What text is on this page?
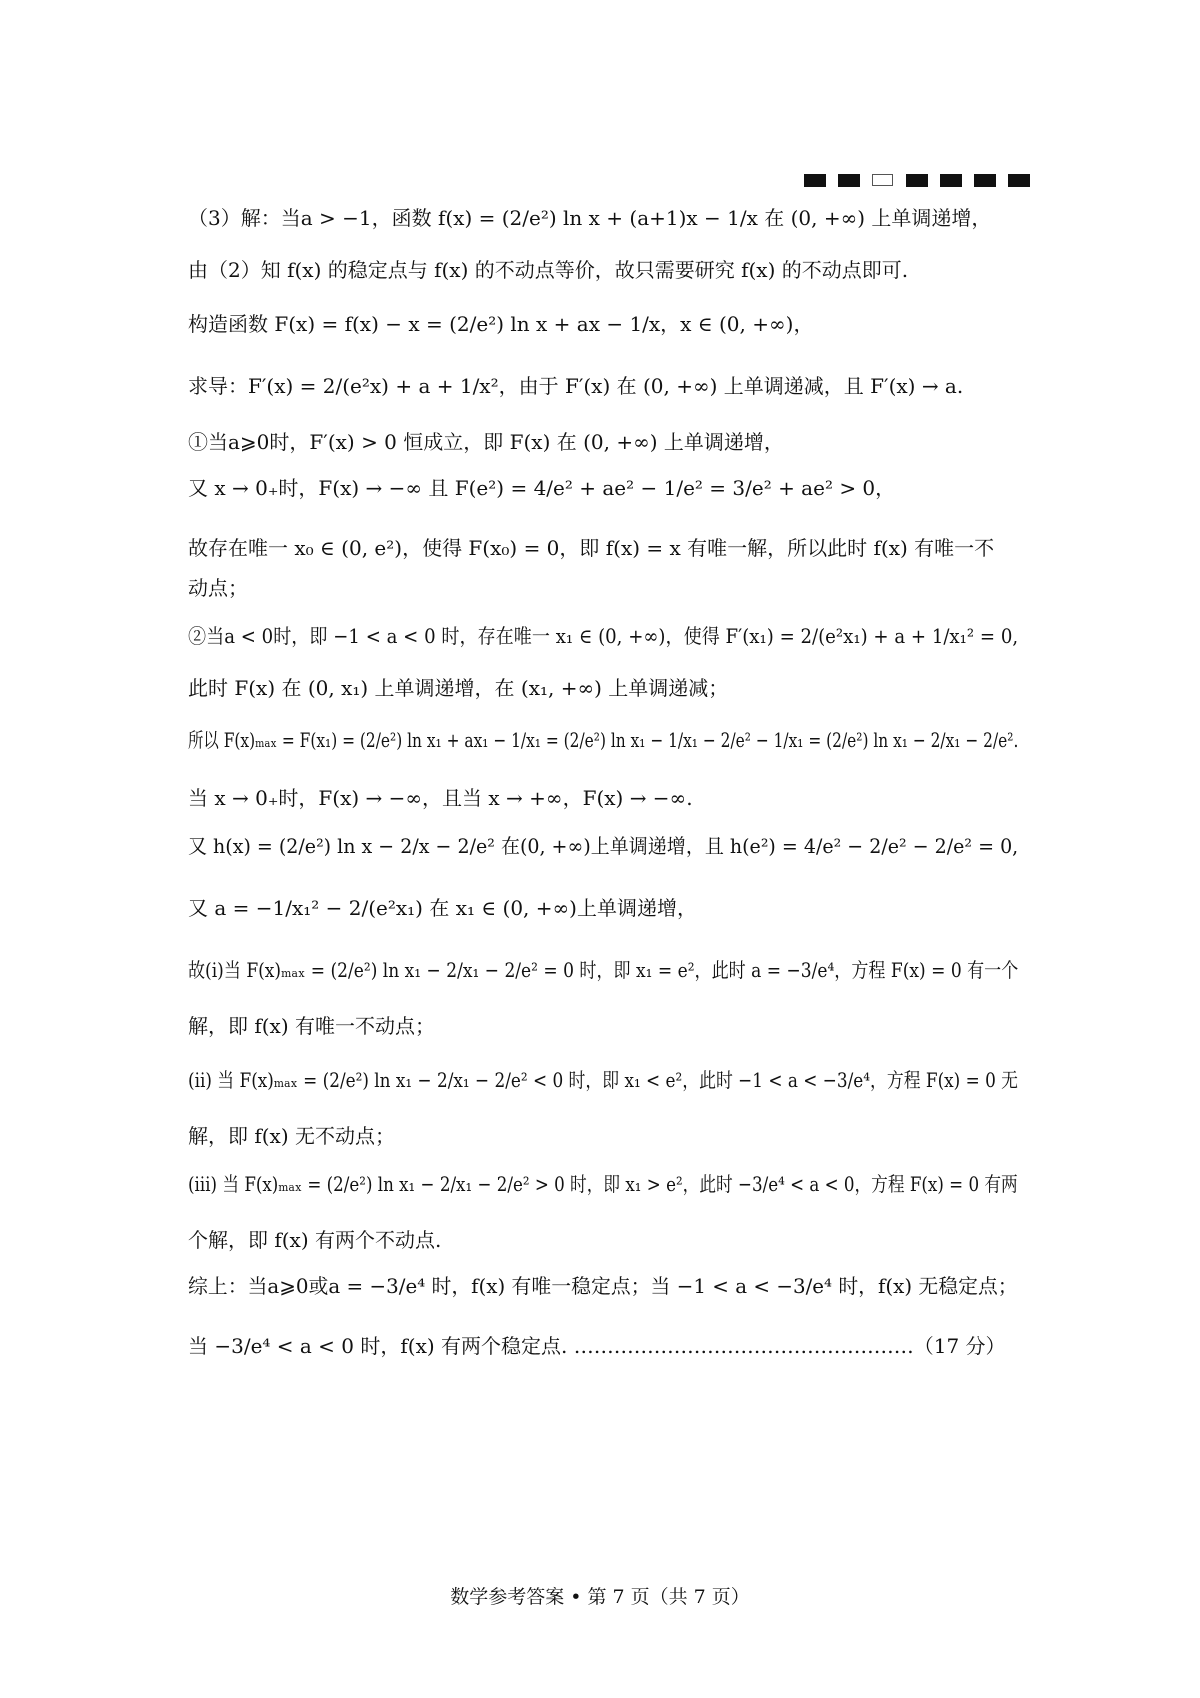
（3）解：当a > −1，函数 f(x) = (2/e²) ln x + (a+1)x − 1/x 在 (0, +∞) 上单调递增，
由（2）知 f(x) 的稳定点与 f(x) 的不动点等价，故只需要研究 f(x) 的不动点即可.
构造函数 F(x) = f(x) − x = (2/e²) ln x + ax − 1/x，x ∈ (0, +∞)，
求导：F′(x) = 2/(e²x) + a + 1/x²，由于 F′(x) 在 (0, +∞) 上单调递减，且 F′(x) → a.
①当a⩾0时，F′(x) > 0 恒成立，即 F(x) 在 (0, +∞) 上单调递增，
又 x → 0₊时，F(x) → −∞ 且 F(e²) = 4/e² + ae² − 1/e² = 3/e² + ae² > 0，
故存在唯一 x₀ ∈ (0, e²)，使得 F(x₀) = 0，即 f(x) = x 有唯一解，所以此时 f(x) 有唯一不
动点；
②当a < 0时，即 −1 < a < 0 时，存在唯一 x₁ ∈ (0, +∞)，使得 F′(x₁) = 2/(e²x₁) + a + 1/x₁² = 0,
此时 F(x) 在 (0, x₁) 上单调递增，在 (x₁, +∞) 上单调递减；
所以 F(x)ₘₐₓ = F(x₁) = (2/e²) ln x₁ + ax₁ − 1/x₁ = (2/e²) ln x₁ − 1/x₁ − 2/e² − 1/x₁ = (2/e²) ln x₁ − 2/x₁ − 2/e².
当 x → 0₊时，F(x) → −∞，且当 x → +∞，F(x) → −∞.
又 h(x) = (2/e²) ln x − 2/x − 2/e² 在(0, +∞)上单调递增，且 h(e²) = 4/e² − 2/e² − 2/e² = 0,
又 a = −1/x₁² − 2/(e²x₁) 在 x₁ ∈ (0, +∞)上单调递增，
故(ⅰ)当 F(x)ₘₐₓ = (2/e²) ln x₁ − 2/x₁ − 2/e² = 0 时，即 x₁ = e²，此时 a = −3/e⁴，方程 F(x) = 0 有一个
解，即 f(x) 有唯一不动点；
(ⅱ) 当 F(x)ₘₐₓ = (2/e²) ln x₁ − 2/x₁ − 2/e² < 0 时，即 x₁ < e²，此时 −1 < a < −3/e⁴，方程 F(x) = 0 无
解，即 f(x) 无不动点；
(ⅲ) 当 F(x)ₘₐₓ = (2/e²) ln x₁ − 2/x₁ − 2/e² > 0 时，即 x₁ > e²，此时 −3/e⁴ < a < 0，方程 F(x) = 0 有两
个解，即 f(x) 有两个不动点.
综上：当a⩾0或a = −3/e⁴ 时，f(x) 有唯一稳定点；当 −1 < a < −3/e⁴ 时，f(x) 无稳定点；
当 −3/e⁴ < a < 0 时，f(x) 有两个稳定点. ……………………………………………（17 分）
数学参考答案 • 第 7 页（共 7 页）
